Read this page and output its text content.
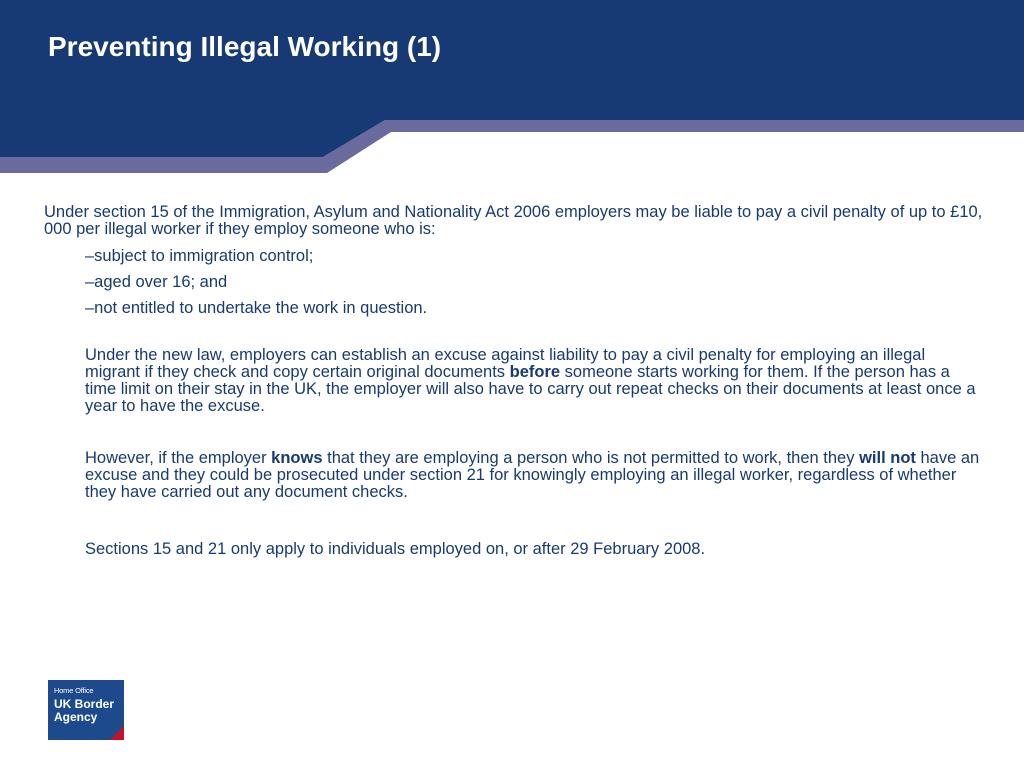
Preventing Illegal Working (1)

Under section 15 of the Immigration, Asylum and Nationality Act 2006 employers may be liable to pay a civil penalty of up to £10, 000 per illegal worker if they employ someone who is:

–subject to immigration control;
–aged over 16; and
–not entitled to undertake the work in question.

Under the new law, employers can establish an excuse against liability to pay a civil penalty for employing an illegal migrant if they check and copy certain original documents before someone starts working for them. If the person has a time limit on their stay in the UK, the employer will also have to carry out repeat checks on their documents at least once a year to have the excuse.

However, if the employer knows that they are employing a person who is not permitted to work, then they will not have an excuse and they could be prosecuted under section 21 for knowingly employing an illegal worker, regardless of whether they have carried out any document checks.

Sections 15 and 21 only apply to individuals employed on, or after 29 February 2008.

Home Office
UK Border Agency
